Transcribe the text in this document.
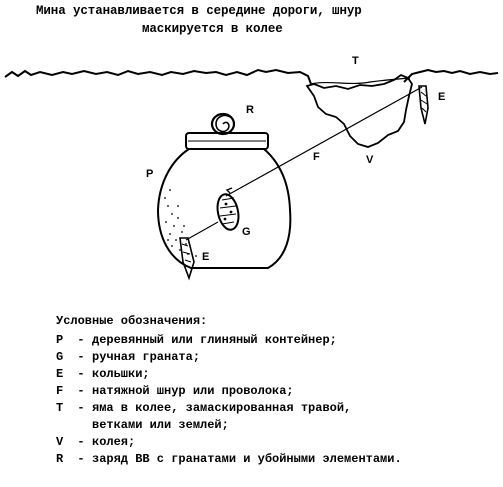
Мина устанавливается в середине дороги, шнур
маскируется в колее
T
R
E
F	V
P
G
E
Условные обозначения:
P	- деревянный или глиняный контейнер;
G	- ручная граната;
E	- кольшки;
F	- натяжной шнур или проволока;
T	- яма в колее, замаскированная травой,
ветками или землей;
V	- колея;
R	- заряд ВВ с гранатами и убойными элементами.
